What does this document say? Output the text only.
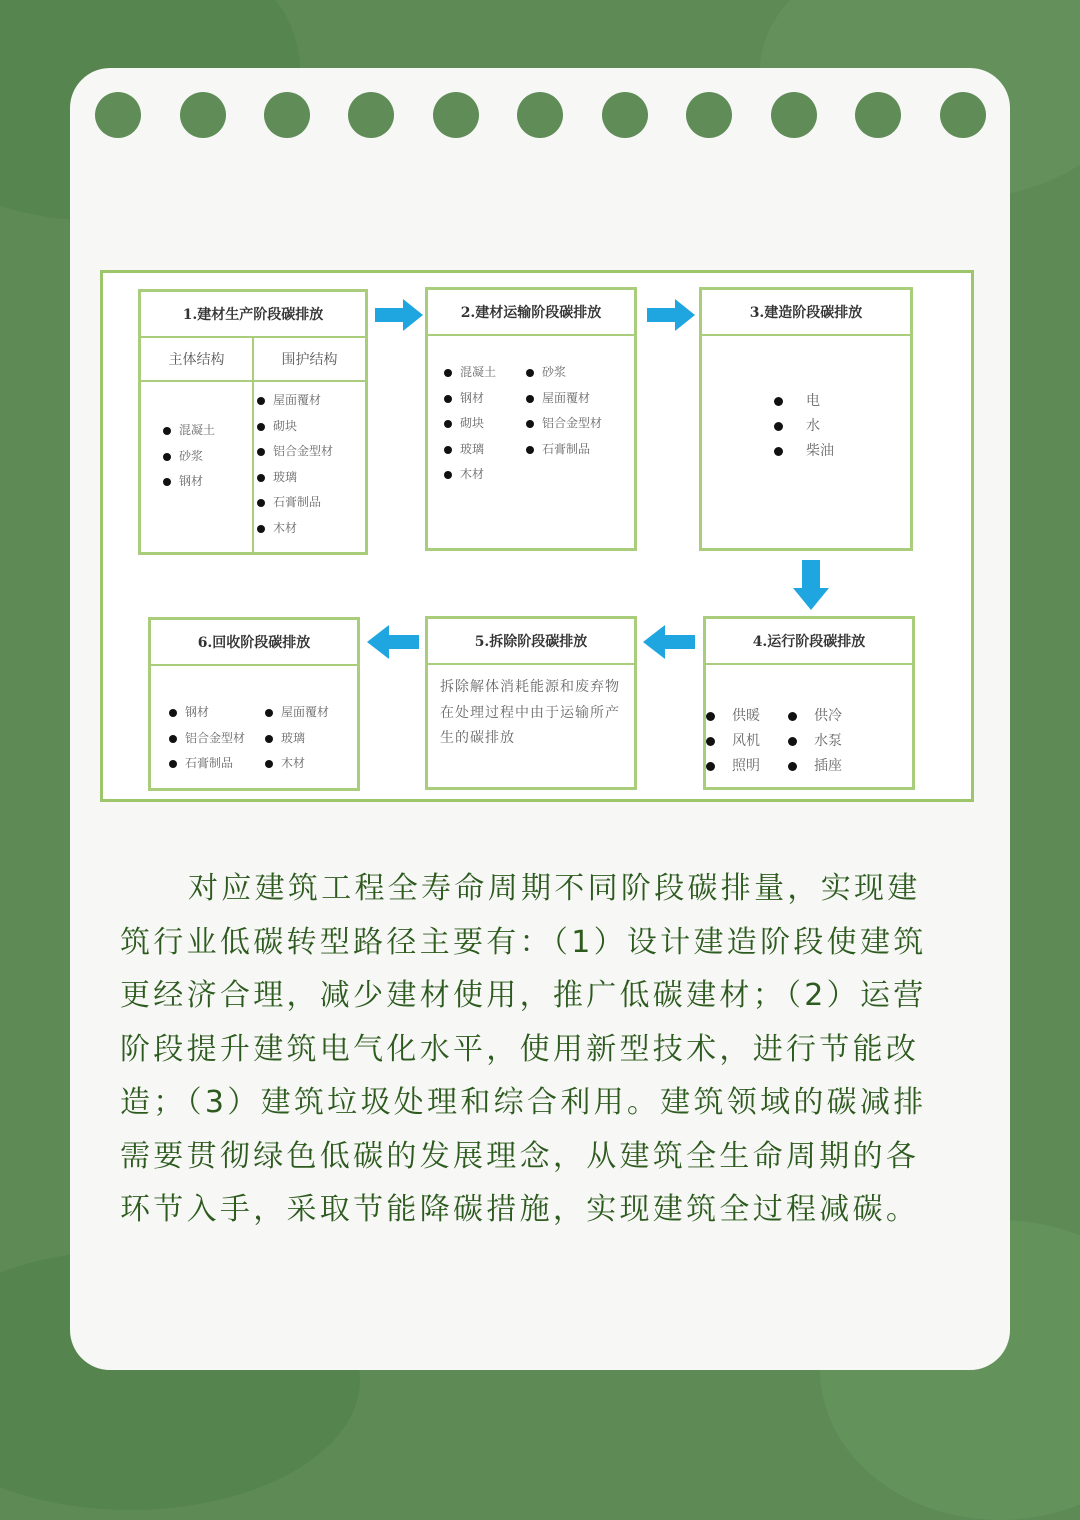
1.建材生产阶段碳排放
主体结构	围护结构
混凝土
砂浆
钢材
屋面覆材
砌块
铝合金型材
玻璃
石膏制品
木材
2.建材运输阶段碳排放
混凝土
钢材
砌块
玻璃
木材
砂浆
屋面覆材
铝合金型材
石膏制品
3.建造阶段碳排放
电
水
柴油
4.运行阶段碳排放
供暖
风机
照明
供冷
水泵
插座
5.拆除阶段碳排放
拆除解体消耗能源和废弃物在处理过程中由于运输所产生的碳排放
6.回收阶段碳排放
钢材
铝合金型材
石膏制品
屋面覆材
玻璃
木材

对应建筑工程全寿命周期不同阶段碳排量，实现建筑行业低碳转型路径主要有：（1）设计建造阶段使建筑更经济合理，减少建材使用，推广低碳建材；（2）运营阶段提升建筑电气化水平，使用新型技术，进行节能改造；（3）建筑垃圾处理和综合利用。建筑领域的碳减排需要贯彻绿色低碳的发展理念，从建筑全生命周期的各环节入手，采取节能降碳措施，实现建筑全过程减碳。
